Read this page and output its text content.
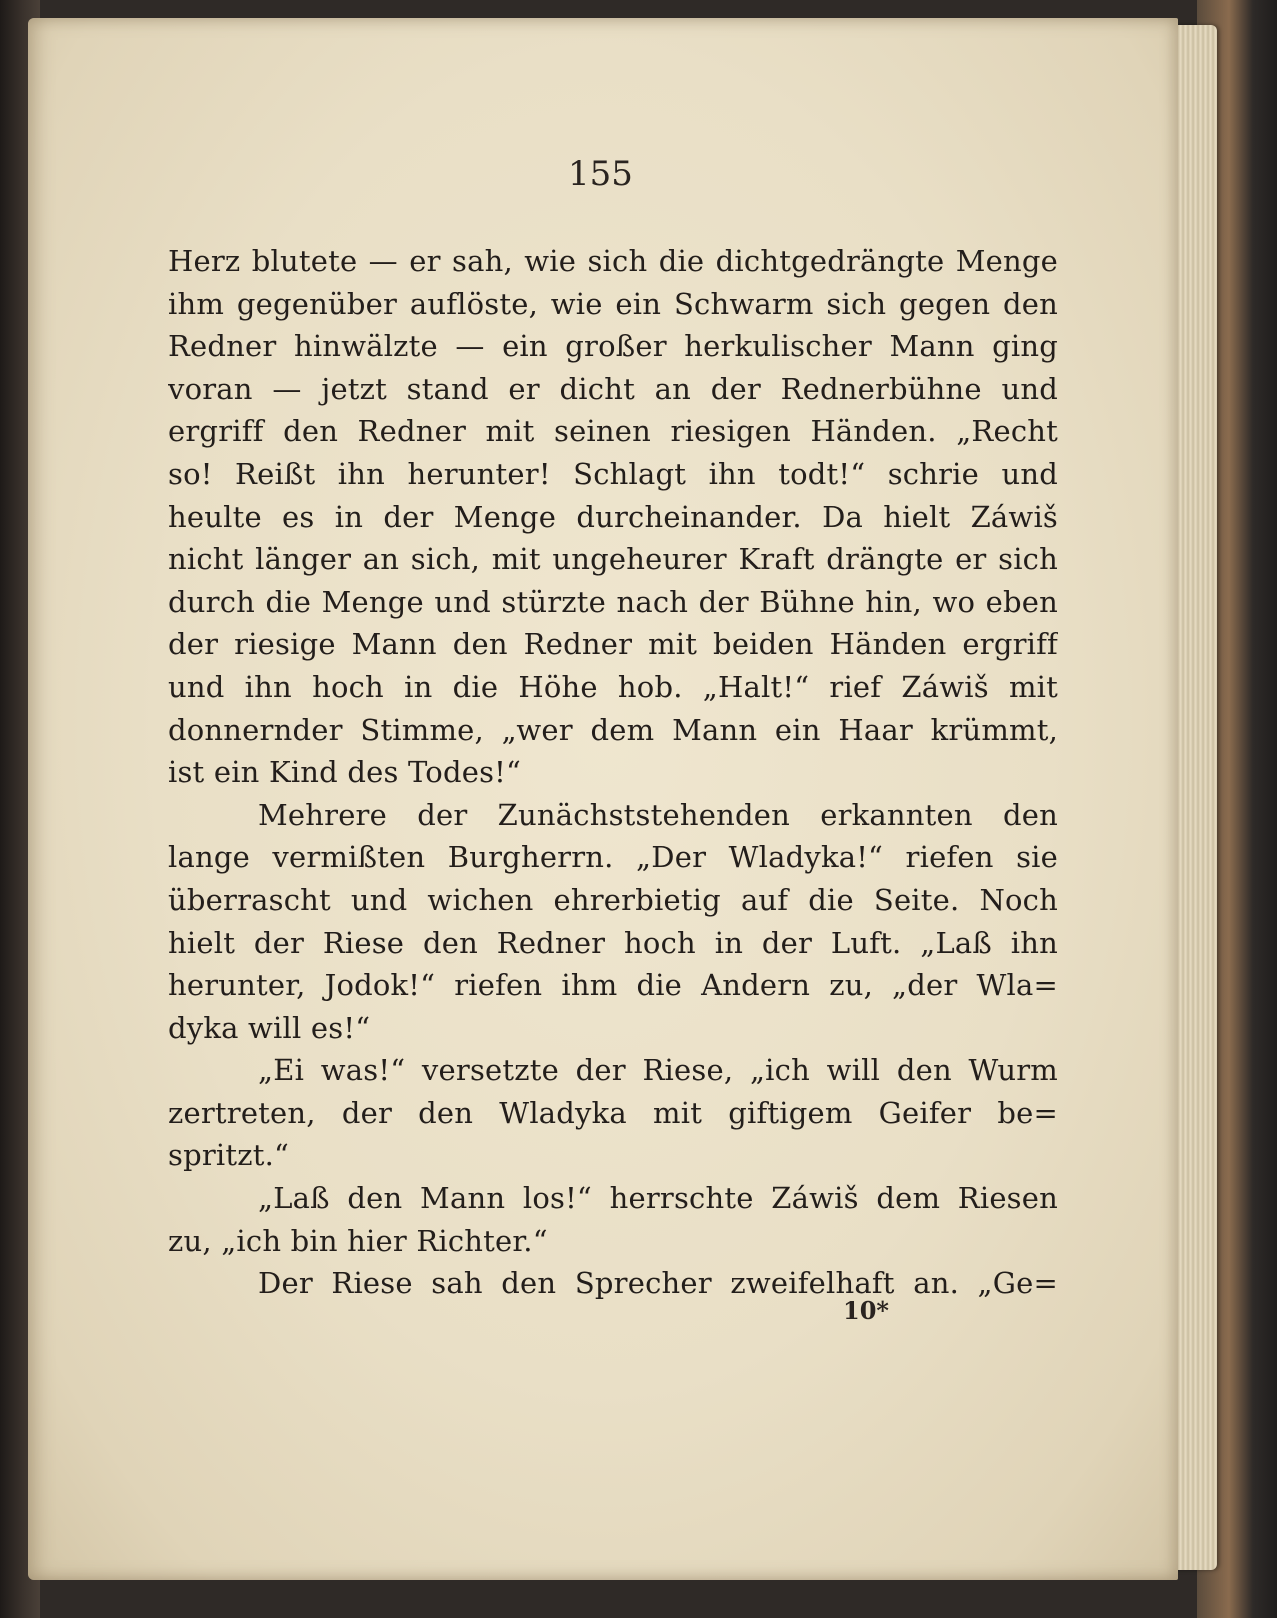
155
Herz blutete — er sah, wie sich die dichtgedrängte Menge
ihm gegenüber auflöste, wie ein Schwarm sich gegen den
Redner hinwälzte — ein großer herkulischer Mann ging
voran — jetzt stand er dicht an der Rednerbühne und
ergriff den Redner mit seinen riesigen Händen. „Recht
so! Reißt ihn herunter! Schlagt ihn todt!“ schrie und
heulte es in der Menge durcheinander. Da hielt Záwiš
nicht länger an sich, mit ungeheurer Kraft drängte er sich
durch die Menge und stürzte nach der Bühne hin, wo eben
der riesige Mann den Redner mit beiden Händen ergriff
und ihn hoch in die Höhe hob. „Halt!“ rief Záwiš mit
donnernder Stimme, „wer dem Mann ein Haar krümmt,
ist ein Kind des Todes!“
Mehrere der Zunächststehenden erkannten den
lange vermißten Burgherrn. „Der Wladyka!“ riefen sie
überrascht und wichen ehrerbietig auf die Seite. Noch
hielt der Riese den Redner hoch in der Luft. „Laß ihn
herunter, Jodok!“ riefen ihm die Andern zu, „der Wla=
dyka will es!“
„Ei was!“ versetzte der Riese, „ich will den Wurm
zertreten, der den Wladyka mit giftigem Geifer be=
spritzt.“
„Laß den Mann los!“ herrschte Záwiš dem Riesen
zu, „ich bin hier Richter.“
Der Riese sah den Sprecher zweifelhaft an. „Ge=
10*
